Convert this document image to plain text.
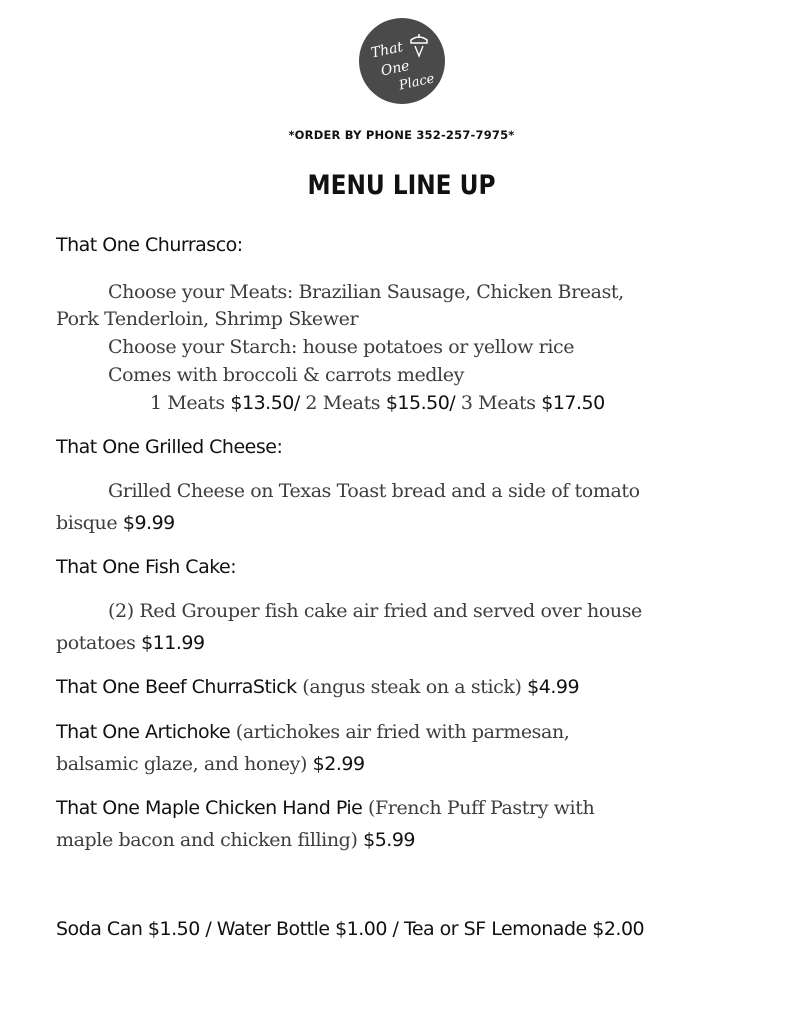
That
One
Place
*ORDER BY PHONE 352-257-7975*
MENU LINE UP
That One Churrasco:
Choose your Meats: Brazilian Sausage, Chicken Breast,
Pork Tenderloin, Shrimp Skewer
Choose your Starch: house potatoes or yellow rice
Comes with broccoli & carrots medley
1 Meats $13.50/ 2 Meats $15.50/ 3 Meats $17.50
That One Grilled Cheese:
Grilled Cheese on Texas Toast bread and a side of tomato
bisque $9.99
That One Fish Cake:
(2) Red Grouper fish cake air fried and served over house
potatoes $11.99
That One Beef ChurraStick (angus steak on a stick) $4.99
That One Artichoke (artichokes air fried with parmesan,
balsamic glaze, and honey) $2.99
That One Maple Chicken Hand Pie (French Puff Pastry with
maple bacon and chicken filling) $5.99
Soda Can $1.50 / Water Bottle $1.00 / Tea or SF Lemonade $2.00
